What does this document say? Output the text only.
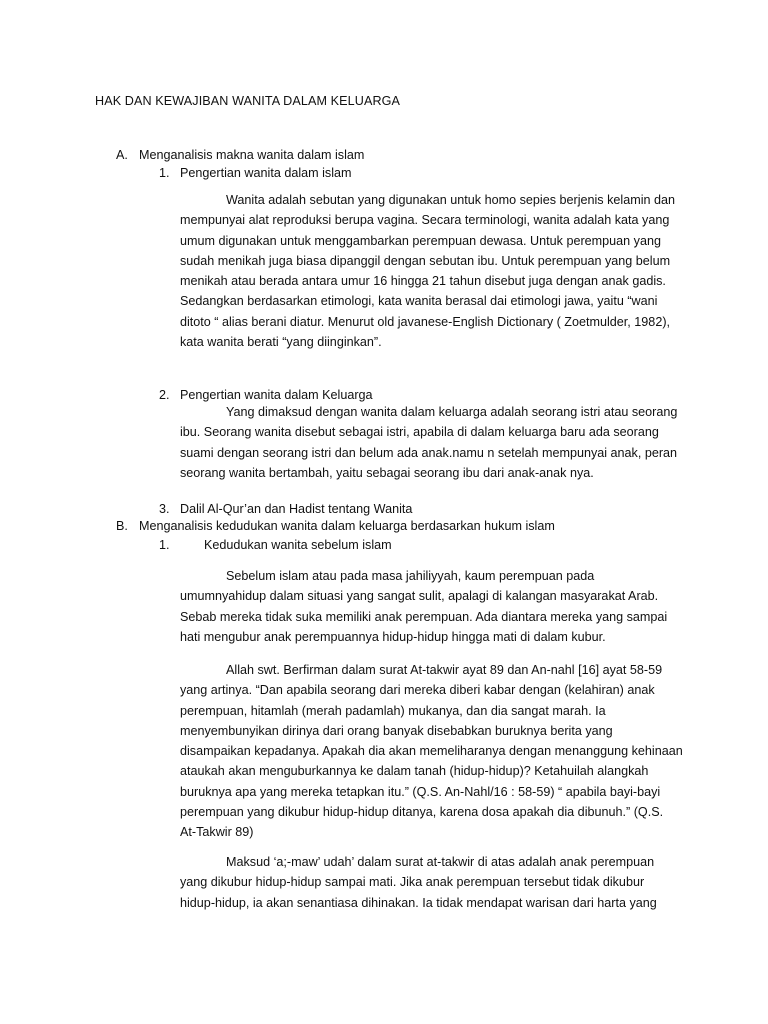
HAK DAN KEWAJIBAN WANITA DALAM KELUARGA
A. Menganalisis makna wanita dalam islam
1. Pengertian wanita dalam islam
Wanita adalah sebutan yang digunakan untuk homo sepies berjenis kelamin dan
mempunyai alat reproduksi berupa vagina. Secara terminologi, wanita adalah kata yang
umum digunakan untuk menggambarkan perempuan dewasa. Untuk perempuan yang
sudah menikah juga biasa dipanggil dengan sebutan ibu. Untuk perempuan yang belum
menikah atau berada antara umur 16 hingga 21 tahun disebut juga dengan anak gadis.
Sedangkan berdasarkan etimologi, kata wanita berasal dai etimologi jawa, yaitu “wani
ditoto “ alias berani diatur. Menurut old javanese-English Dictionary ( Zoetmulder, 1982),
kata wanita berati “yang diinginkan”.
2. Pengertian wanita dalam Keluarga
Yang dimaksud dengan wanita dalam keluarga adalah seorang istri atau seorang
ibu. Seorang wanita disebut sebagai istri, apabila di dalam keluarga baru ada seorang
suami dengan seorang istri dan belum ada anak.namu n setelah mempunyai anak, peran
seorang wanita bertambah, yaitu sebagai seorang ibu dari anak-anak nya.
3. Dalil Al-Qur’an dan Hadist tentang Wanita
B. Menganalisis kedudukan wanita dalam keluarga berdasarkan hukum islam
1.	Kedudukan wanita sebelum islam
Sebelum islam atau pada masa jahiliyyah, kaum perempuan pada
umumnyahidup dalam situasi yang sangat sulit, apalagi di kalangan masyarakat Arab.
Sebab mereka tidak suka memiliki anak perempuan. Ada diantara mereka yang sampai
hati mengubur anak perempuannya hidup-hidup hingga mati di dalam kubur.
Allah swt. Berfirman dalam surat At-takwir ayat 89 dan An-nahl [16] ayat 58-59
yang artinya. “Dan apabila seorang dari mereka diberi kabar dengan (kelahiran) anak
perempuan, hitamlah (merah padamlah) mukanya, dan dia sangat marah. Ia
menyembunyikan dirinya dari orang banyak disebabkan buruknya berita yang
disampaikan kepadanya. Apakah dia akan memeliharanya dengan menanggung kehinaan
ataukah akan menguburkannya ke dalam tanah (hidup-hidup)? Ketahuilah alangkah
buruknya apa yang mereka tetapkan itu.” (Q.S. An-Nahl/16 : 58-59) “ apabila bayi-bayi
perempuan yang dikubur hidup-hidup ditanya, karena dosa apakah dia dibunuh.” (Q.S.
At-Takwir 89)
Maksud ‘a;-maw’ udah’ dalam surat at-takwir di atas adalah anak perempuan
yang dikubur hidup-hidup sampai mati. Jika anak perempuan tersebut tidak dikubur
hidup-hidup, ia akan senantiasa dihinakan. Ia tidak mendapat warisan dari harta yang
